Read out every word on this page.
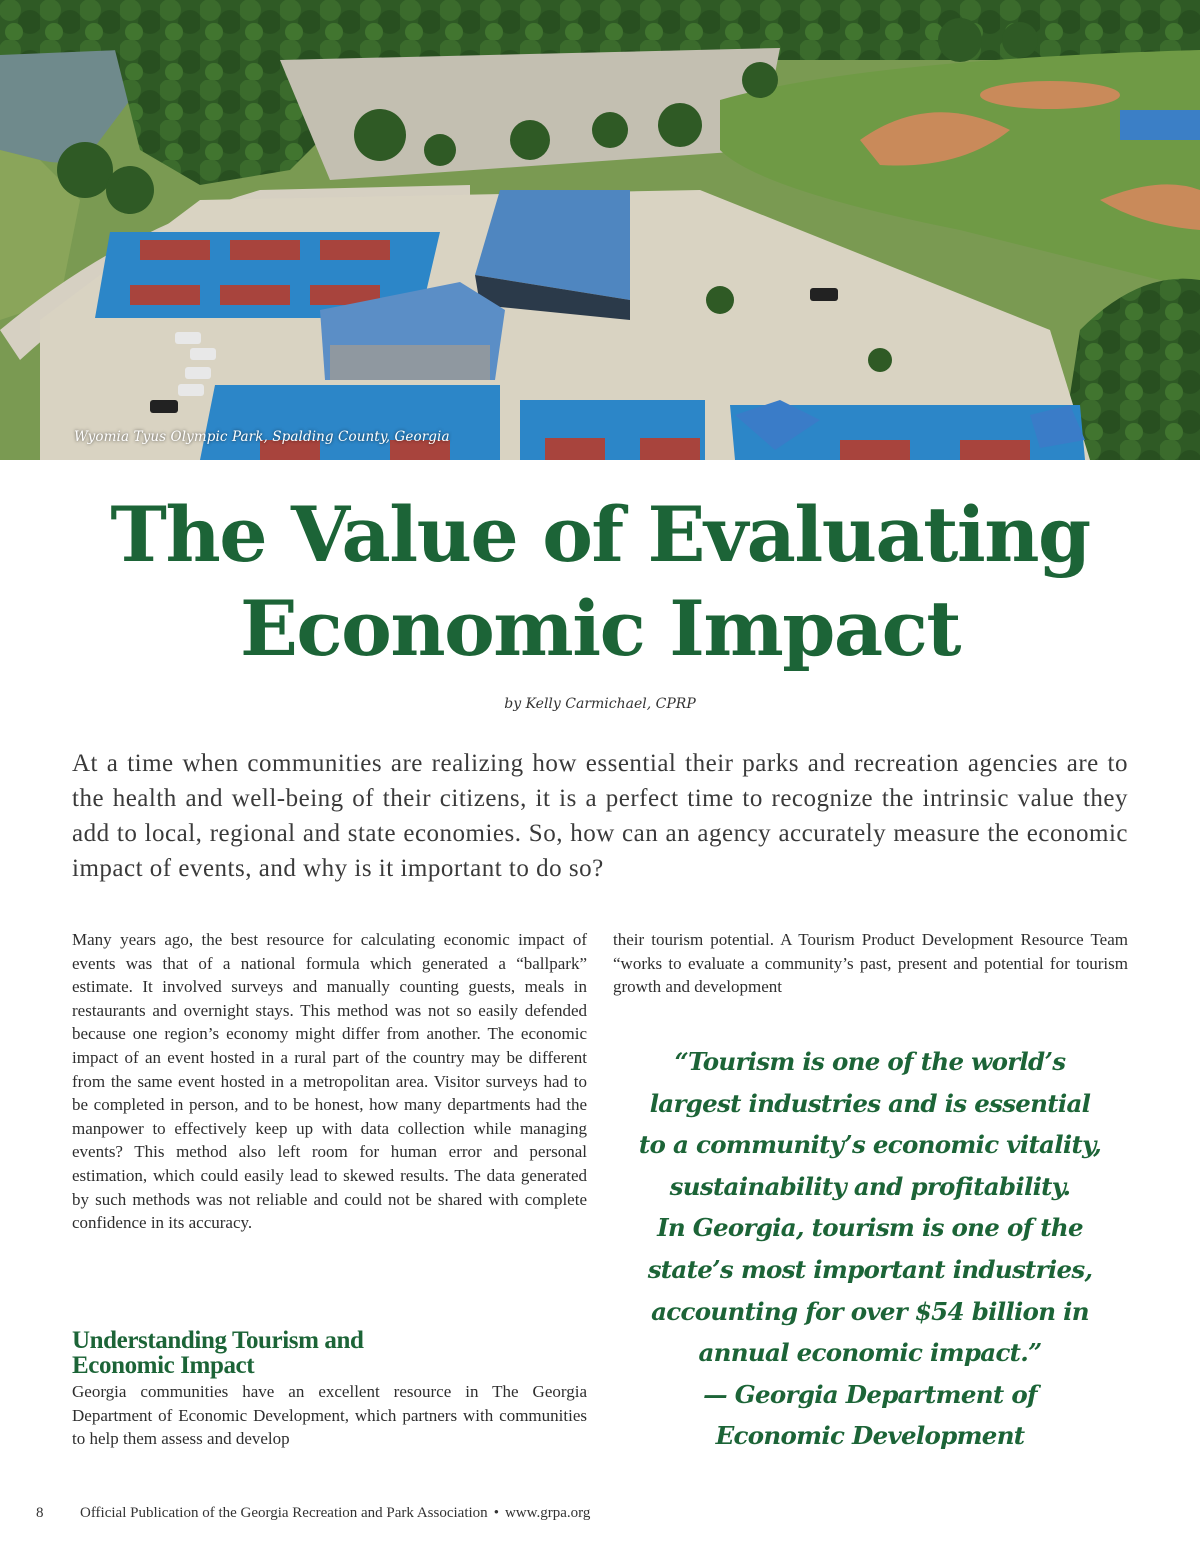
Wyomia Tyus Olympic Park, Spalding County, Georgia
The Value of Evaluating
Economic Impact
by Kelly Carmichael, CPRP

At a time when communities are realizing how essential their parks and recreation agencies are to the health and well-being of their citizens, it is a perfect time to recognize the intrinsic value they add to local, regional and state economies. So, how can an agency accurately measure the economic impact of events, and why is it important to do so?

Many years ago, the best resource for calculating economic impact of events was that of a national formula which generated a “ballpark” estimate. It involved surveys and manually counting guests, meals in restaurants and overnight stays. This method was not so easily defended because one region’s economy might differ from another. The economic impact of an event hosted in a rural part of the country may be different from the same event hosted in a metropolitan area. Visitor surveys had to be completed in person, and to be honest, how many departments had the manpower to effectively keep up with data collection while managing events? This method also left room for human error and personal estimation, which could easily lead to skewed results. The data generated by such methods was not reliable and could not be shared with complete confidence in its accuracy.

Understanding Tourism and
Economic Impact

Georgia communities have an excellent resource in The Georgia Department of Economic Development, which partners with communities to help them assess and develop

their tourism potential. A Tourism Product Development Resource Team “works to evaluate a community’s past, present and potential for tourism growth and development

“Tourism is one of the world’s
largest industries and is essential
to a community’s economic vitality,
sustainability and profitability.
In Georgia, tourism is one of the
state’s most important industries,
accounting for over $54 billion in
annual economic impact.”
— Georgia Department of
Economic Development
8 Official Publication of the Georgia Recreation and Park Association • www.grpa.org
